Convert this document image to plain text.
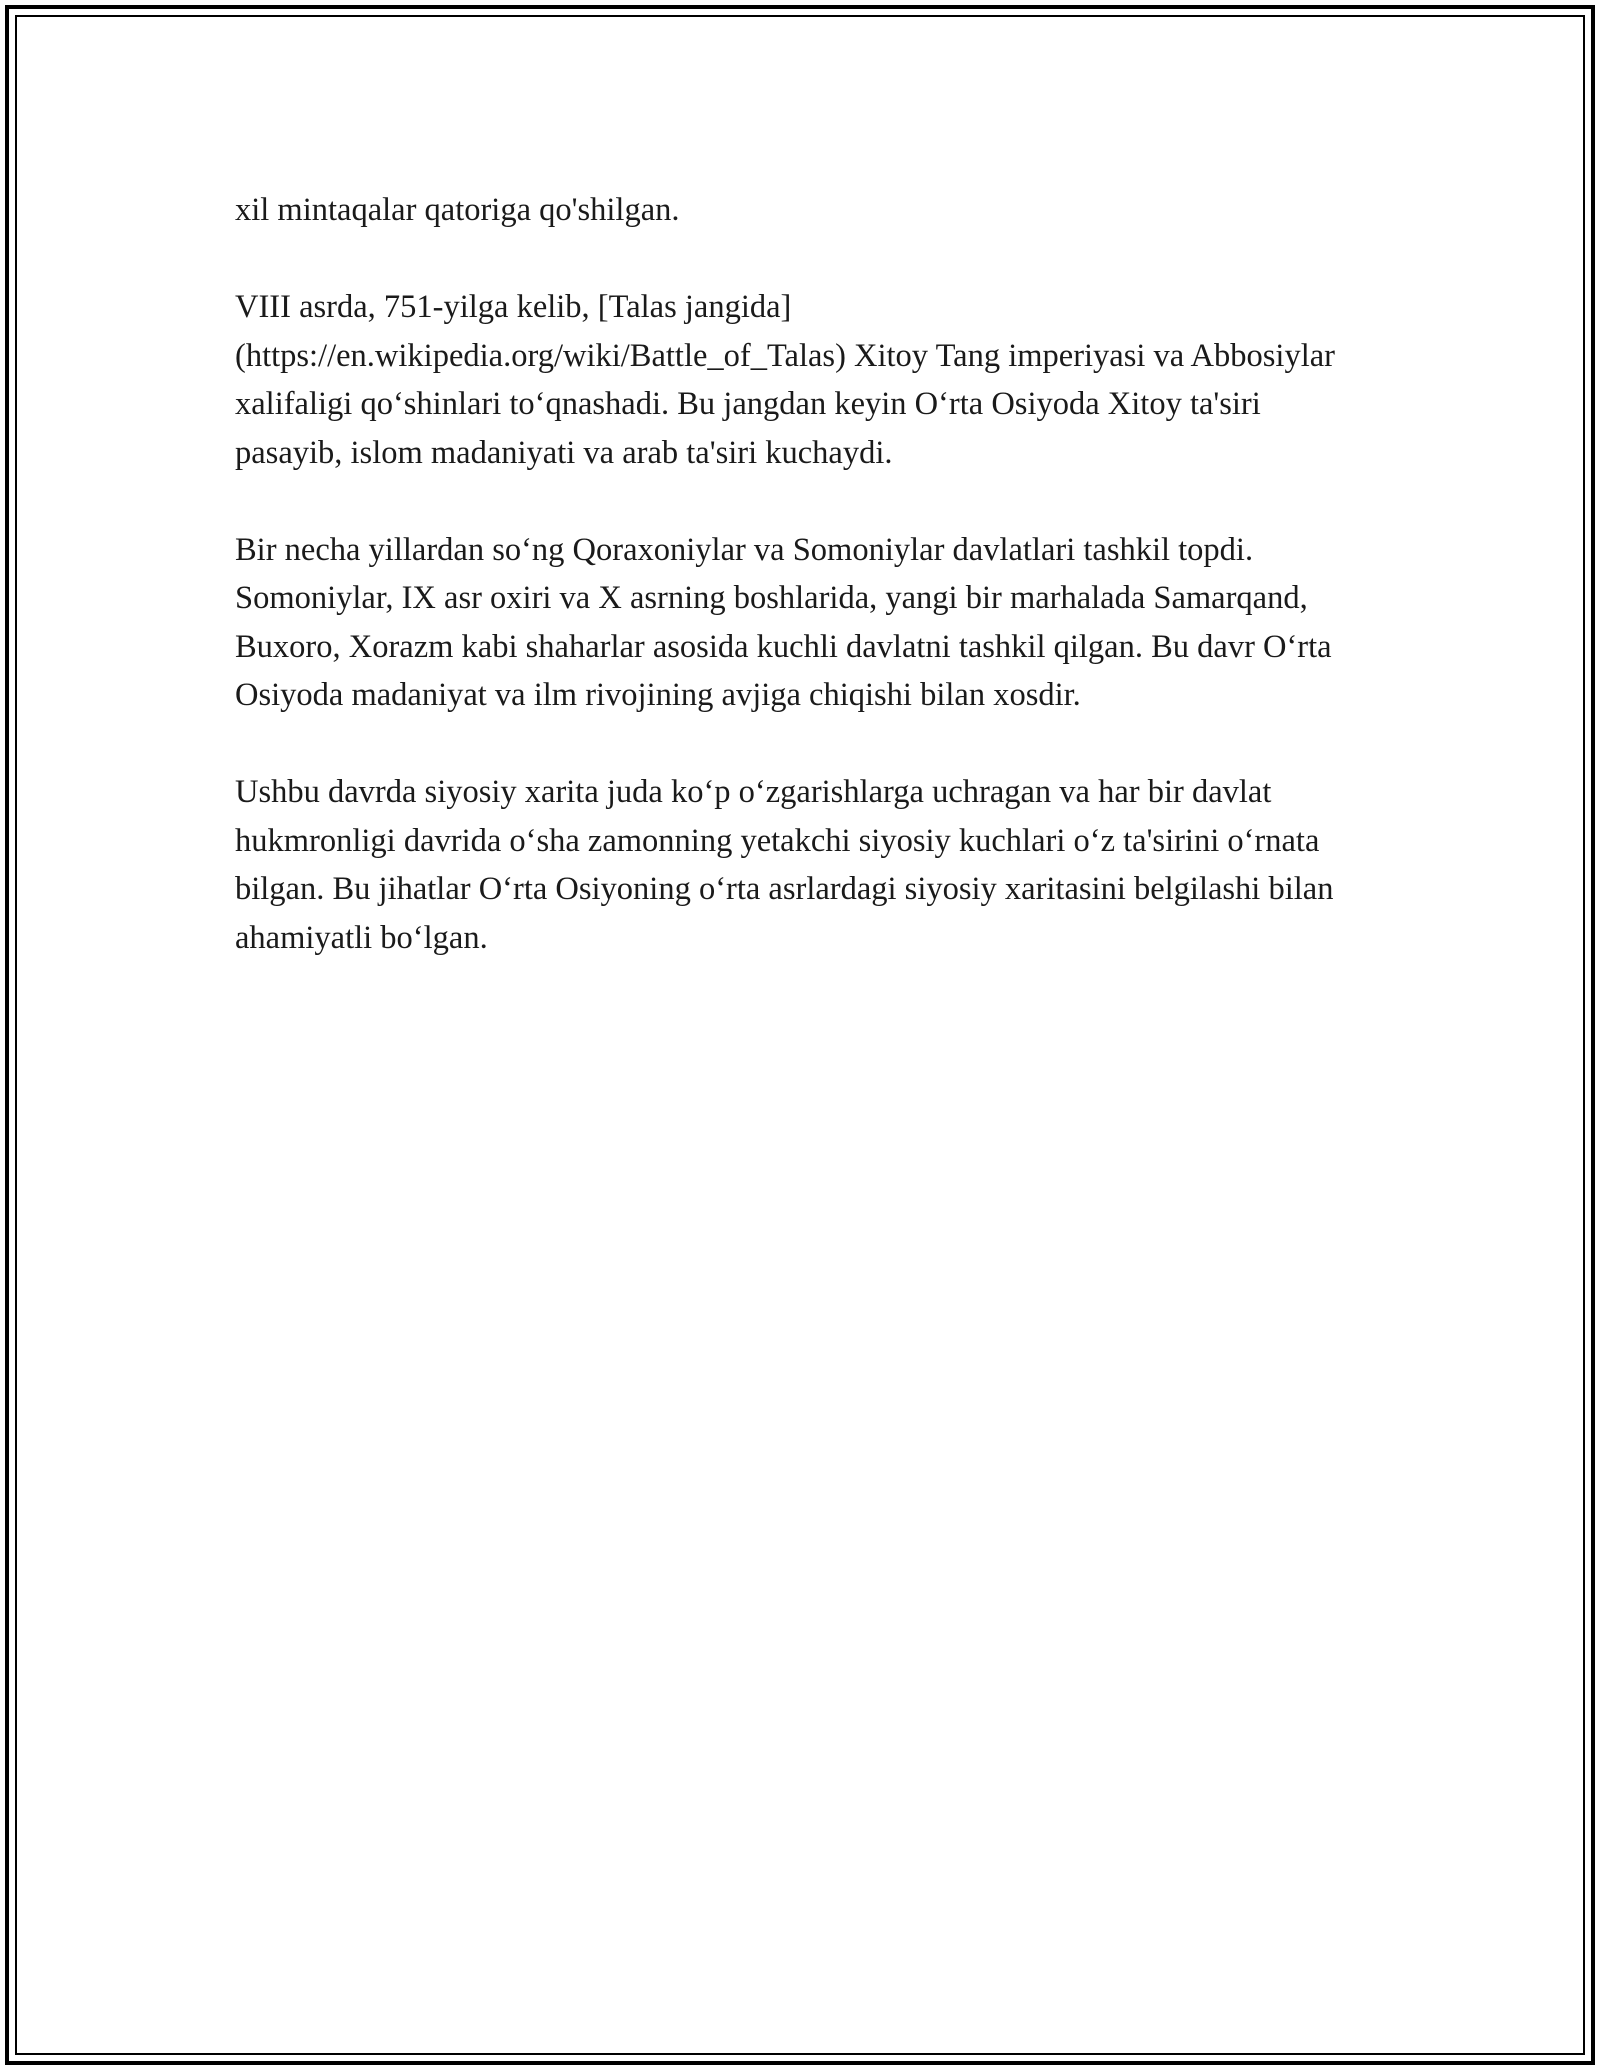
xil mintaqalar qatoriga qo'shilgan.

VIII asrda, 751-yilga kelib, [Talas jangida](https://en.wikipedia.org/wiki/Battle_of_Talas) Xitoy Tang imperiyasi va Abbosiylar xalifaligi qo‘shinlari to‘qnashadi. Bu jangdan keyin O‘rta Osiyoda Xitoy ta'siri pasayib, islom madaniyati va arab ta'siri kuchaydi.

Bir necha yillardan so‘ng Qoraxoniylar va Somoniylar davlatlari tashkil topdi. Somoniylar, IX asr oxiri va X asrning boshlarida, yangi bir marhalada Samarqand, Buxoro, Xorazm kabi shaharlar asosida kuchli davlatni tashkil qilgan. Bu davr O‘rta Osiyoda madaniyat va ilm rivojining avjiga chiqishi bilan xosdir.

Ushbu davrda siyosiy xarita juda ko‘p o‘zgarishlarga uchragan va har bir davlat hukmronligi davrida o‘sha zamonning yetakchi siyosiy kuchlari o‘z ta'sirini o‘rnata bilgan. Bu jihatlar O‘rta Osiyoning o‘rta asrlardagi siyosiy xaritasini belgilashi bilan ahamiyatli bo‘lgan.
